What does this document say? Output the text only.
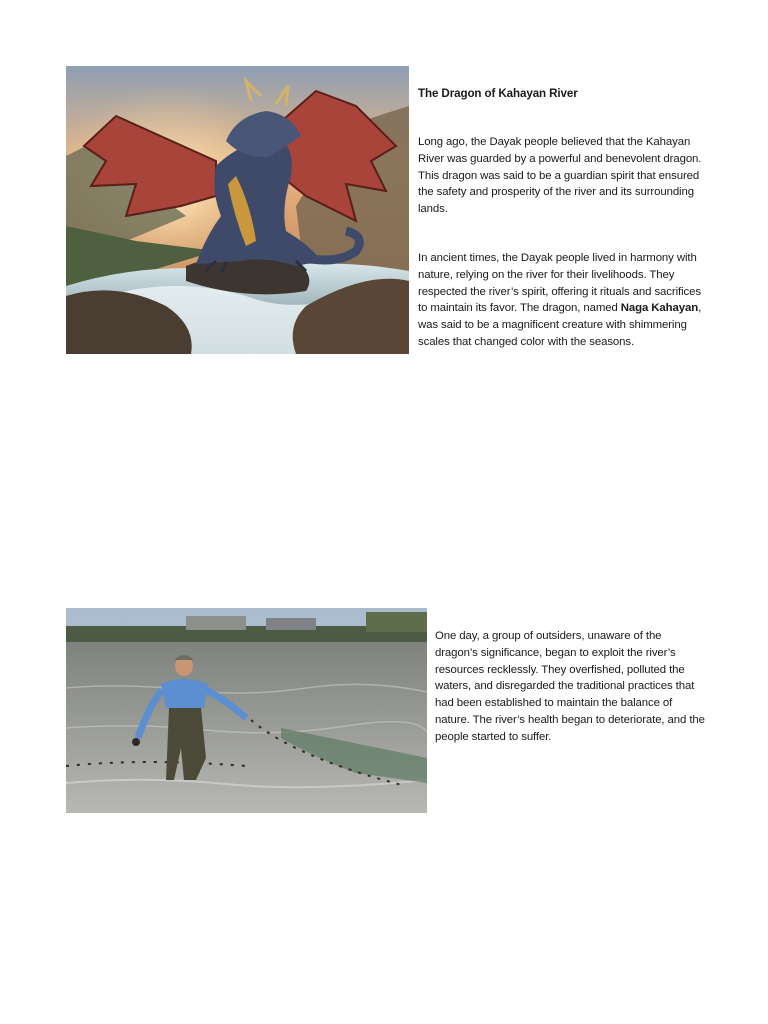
The Dragon of Kahayan River

Long ago, the Dayak people believed that the Kahayan River was guarded by a powerful and benevolent dragon. This dragon was said to be a guardian spirit that ensured the safety and prosperity of the river and its surrounding lands.

In ancient times, the Dayak people lived in harmony with nature, relying on the river for their livelihoods. They respected the river’s spirit, offering it rituals and sacrifices to maintain its favor. The dragon, named Naga Kahayan, was said to be a magnificent creature with shimmering scales that changed color with the seasons.

One day, a group of outsiders, unaware of the dragon’s significance, began to exploit the river’s resources recklessly. They overfished, polluted the waters, and disregarded the traditional practices that had been established to maintain the balance of nature. The river’s health began to deteriorate, and the people started to suffer.
